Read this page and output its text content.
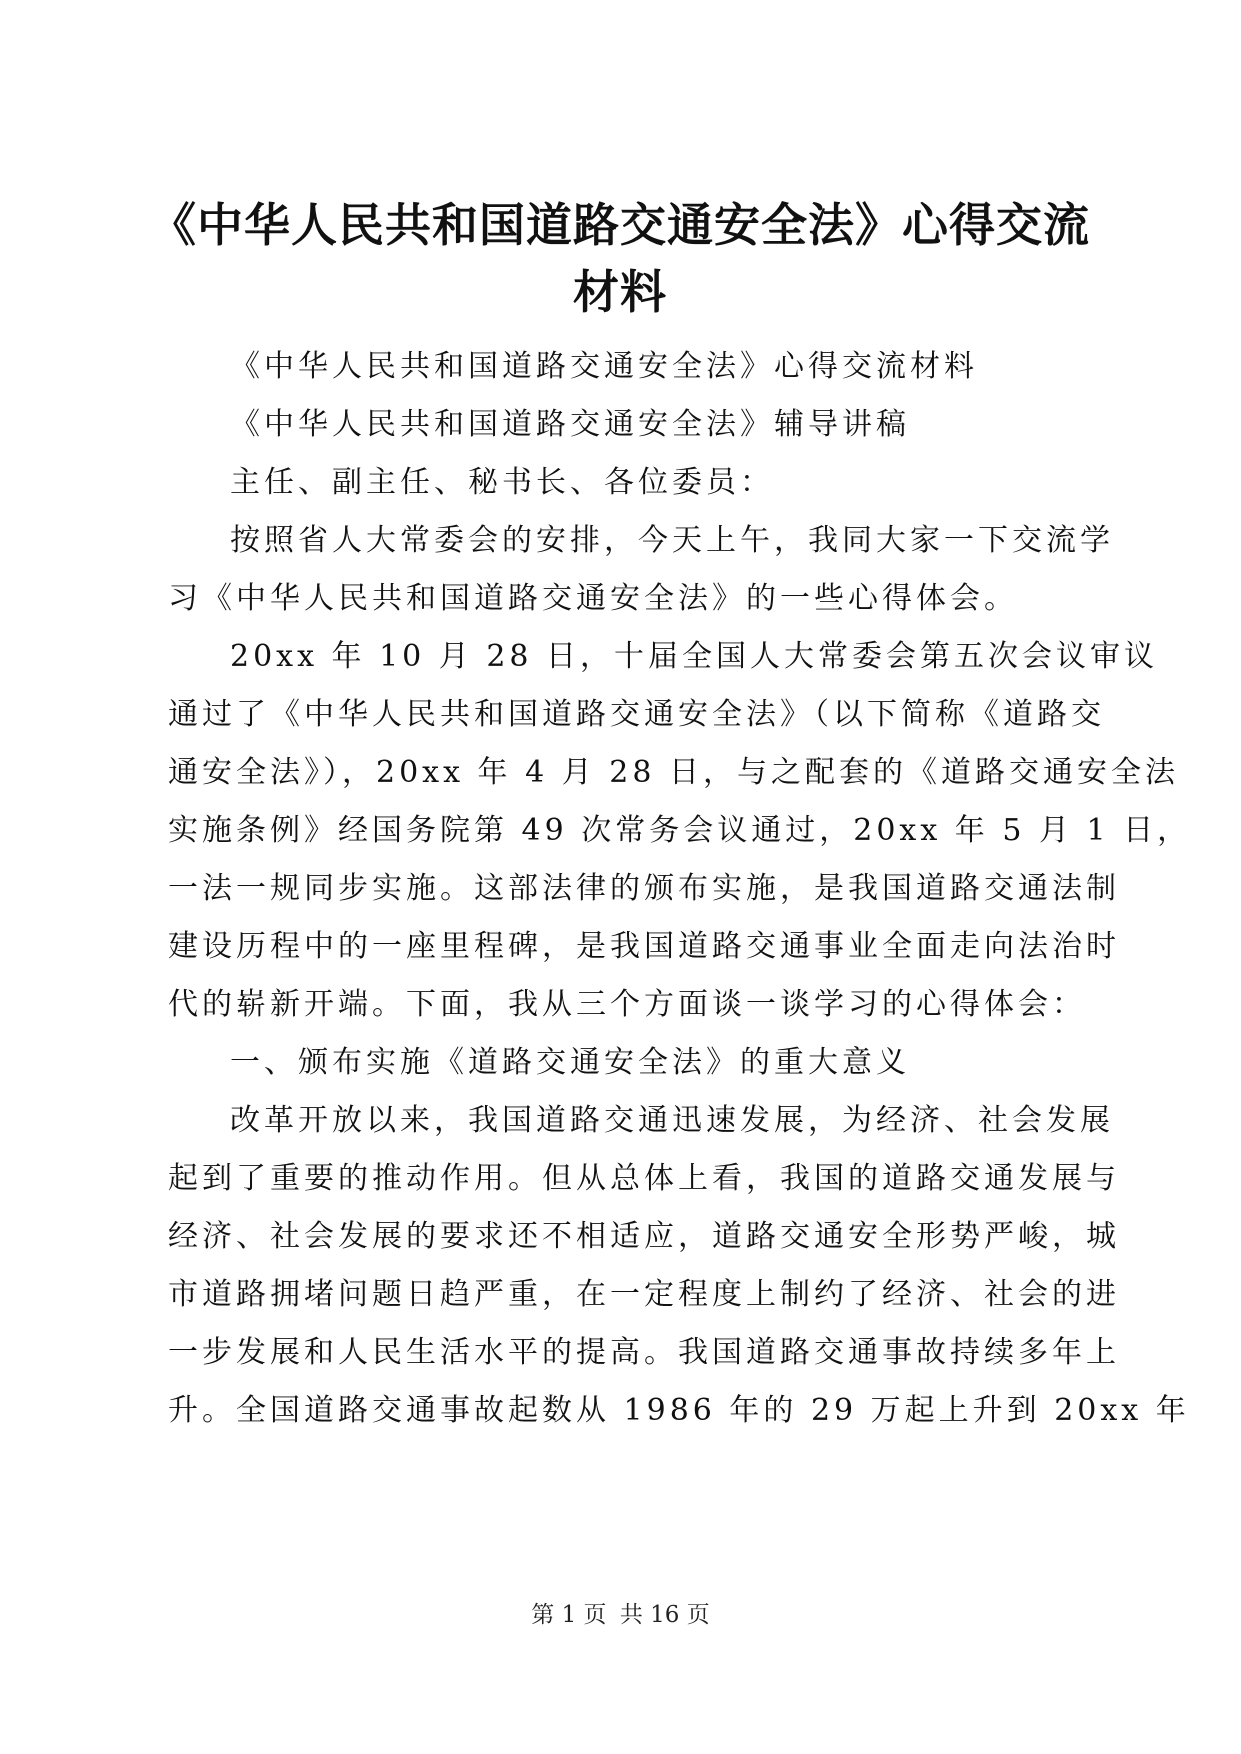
《中华人民共和国道路交通安全法》心得交流
材料

《中华人民共和国道路交通安全法》心得交流材料

《中华人民共和国道路交通安全法》辅导讲稿

主任、副主任、秘书长、各位委员：

按照省人大常委会的安排，今天上午，我同大家一下交流学
习《中华人民共和国道路交通安全法》的一些心得体会。

20xx 年 10 月 28 日，十届全国人大常委会第五次会议审议
通过了《中华人民共和国道路交通安全法》（以下简称《道路交
通安全法》），20xx 年 4 月 28 日，与之配套的《道路交通安全法
实施条例》经国务院第 49 次常务会议通过，20xx 年 5 月 1 日，
一法一规同步实施。这部法律的颁布实施，是我国道路交通法制
建设历程中的一座里程碑，是我国道路交通事业全面走向法治时
代的崭新开端。下面，我从三个方面谈一谈学习的心得体会：

一、颁布实施《道路交通安全法》的重大意义

改革开放以来，我国道路交通迅速发展，为经济、社会发展
起到了重要的推动作用。但从总体上看，我国的道路交通发展与
经济、社会发展的要求还不相适应，道路交通安全形势严峻，城
市道路拥堵问题日趋严重，在一定程度上制约了经济、社会的进
一步发展和人民生活水平的提高。我国道路交通事故持续多年上
升。全国道路交通事故起数从 1986 年的 29 万起上升到 20xx 年

第 1 页 共 16 页
